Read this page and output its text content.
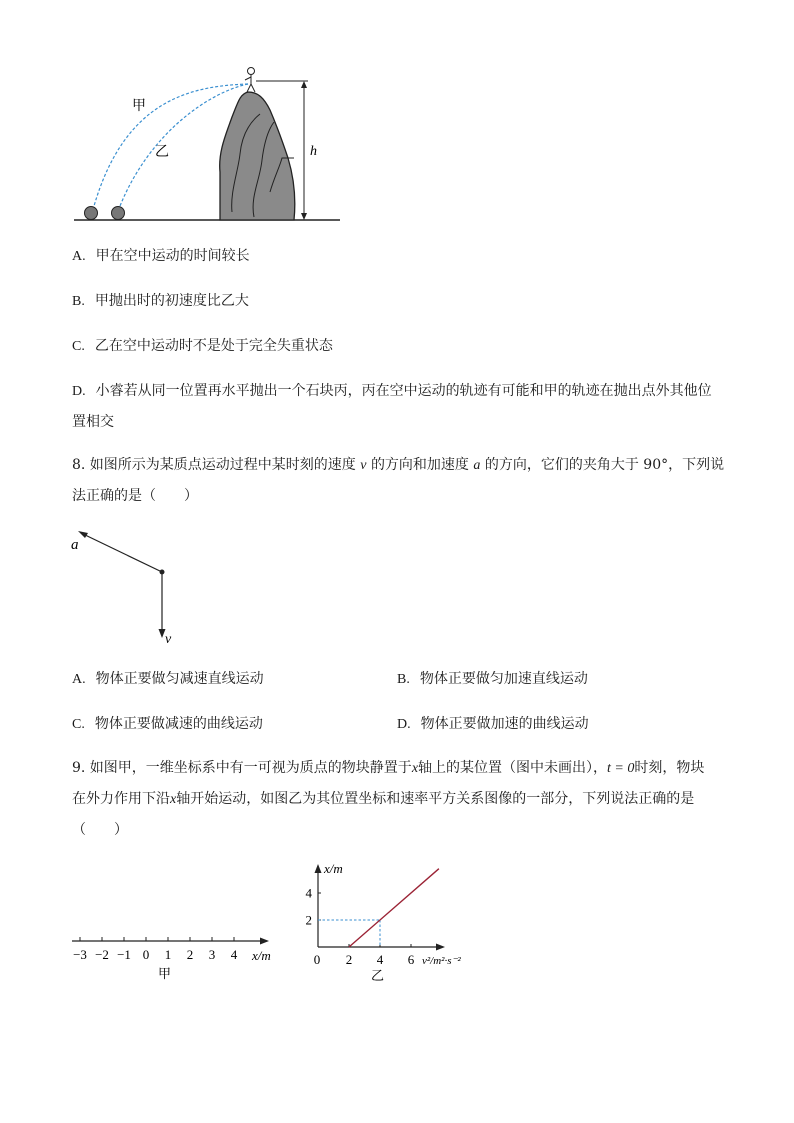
h
甲
乙
A. 甲在空中运动的时间较长
B. 甲抛出时的初速度比乙大
C. 乙在空中运动时不是处于完全失重状态
D. 小睿若从同一位置再水平抛出一个石块丙，丙在空中运动的轨迹有可能和甲的轨迹在抛出点外其他位
置相交
8. 如图所示为某质点运动过程中某时刻的速度 v 的方向和加速度 a 的方向，它们的夹角大于 90°，下列说
法正确的是（　　）
a
v
A. 物体正要做匀减速直线运动	B. 物体正要做匀加速直线运动
C. 物体正要做减速的曲线运动	D. 物体正要做加速的曲线运动
9. 如图甲，一维坐标系中有一可视为质点的物块静置于x轴上的某位置（图中未画出），t = 0时刻，物块
在外力作用下沿x轴开始运动，如图乙为其位置坐标和速率平方关系图像的一部分，下列说法正确的是
（　　）
−3 −2 −1 0 1 2 3 4 x/m
甲
0 2 4 6
2
4
x/m
v²/m²·s⁻²
乙
